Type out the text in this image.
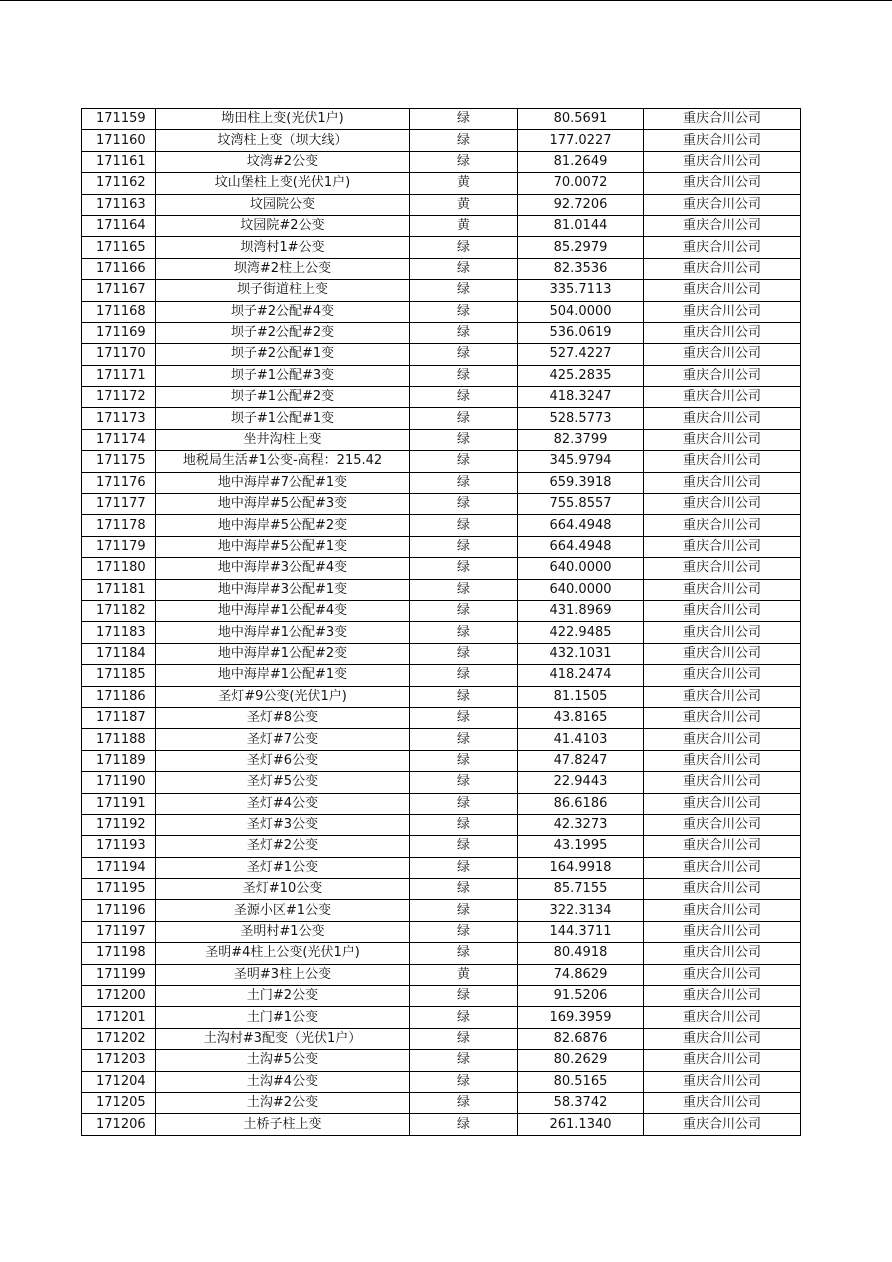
171159	坳田柱上变(光伏1户)	绿	80.5691	重庆合川公司
171160	坟湾柱上变（坝大线）	绿	177.0227	重庆合川公司
171161	坟湾#2公变	绿	81.2649	重庆合川公司
171162	坟山堡柱上变(光伏1户)	黄	70.0072	重庆合川公司
171163	坟园院公变	黄	92.7206	重庆合川公司
171164	坟园院#2公变	黄	81.0144	重庆合川公司
171165	坝湾村1#公变	绿	85.2979	重庆合川公司
171166	坝湾#2柱上公变	绿	82.3536	重庆合川公司
171167	坝子街道柱上变	绿	335.7113	重庆合川公司
171168	坝子#2公配#4变	绿	504.0000	重庆合川公司
171169	坝子#2公配#2变	绿	536.0619	重庆合川公司
171170	坝子#2公配#1变	绿	527.4227	重庆合川公司
171171	坝子#1公配#3变	绿	425.2835	重庆合川公司
171172	坝子#1公配#2变	绿	418.3247	重庆合川公司
171173	坝子#1公配#1变	绿	528.5773	重庆合川公司
171174	坐井沟柱上变	绿	82.3799	重庆合川公司
171175	地税局生活#1公变-高程：215.42	绿	345.9794	重庆合川公司
171176	地中海岸#7公配#1变	绿	659.3918	重庆合川公司
171177	地中海岸#5公配#3变	绿	755.8557	重庆合川公司
171178	地中海岸#5公配#2变	绿	664.4948	重庆合川公司
171179	地中海岸#5公配#1变	绿	664.4948	重庆合川公司
171180	地中海岸#3公配#4变	绿	640.0000	重庆合川公司
171181	地中海岸#3公配#1变	绿	640.0000	重庆合川公司
171182	地中海岸#1公配#4变	绿	431.8969	重庆合川公司
171183	地中海岸#1公配#3变	绿	422.9485	重庆合川公司
171184	地中海岸#1公配#2变	绿	432.1031	重庆合川公司
171185	地中海岸#1公配#1变	绿	418.2474	重庆合川公司
171186	圣灯#9公变(光伏1户)	绿	81.1505	重庆合川公司
171187	圣灯#8公变	绿	43.8165	重庆合川公司
171188	圣灯#7公变	绿	41.4103	重庆合川公司
171189	圣灯#6公变	绿	47.8247	重庆合川公司
171190	圣灯#5公变	绿	22.9443	重庆合川公司
171191	圣灯#4公变	绿	86.6186	重庆合川公司
171192	圣灯#3公变	绿	42.3273	重庆合川公司
171193	圣灯#2公变	绿	43.1995	重庆合川公司
171194	圣灯#1公变	绿	164.9918	重庆合川公司
171195	圣灯#10公变	绿	85.7155	重庆合川公司
171196	圣源小区#1公变	绿	322.3134	重庆合川公司
171197	圣明村#1公变	绿	144.3711	重庆合川公司
171198	圣明#4柱上公变(光伏1户)	绿	80.4918	重庆合川公司
171199	圣明#3柱上公变	黄	74.8629	重庆合川公司
171200	土门#2公变	绿	91.5206	重庆合川公司
171201	土门#1公变	绿	169.3959	重庆合川公司
171202	土沟村#3配变（光伏1户）	绿	82.6876	重庆合川公司
171203	土沟#5公变	绿	80.2629	重庆合川公司
171204	土沟#4公变	绿	80.5165	重庆合川公司
171205	土沟#2公变	绿	58.3742	重庆合川公司
171206	土桥子柱上变	绿	261.1340	重庆合川公司
